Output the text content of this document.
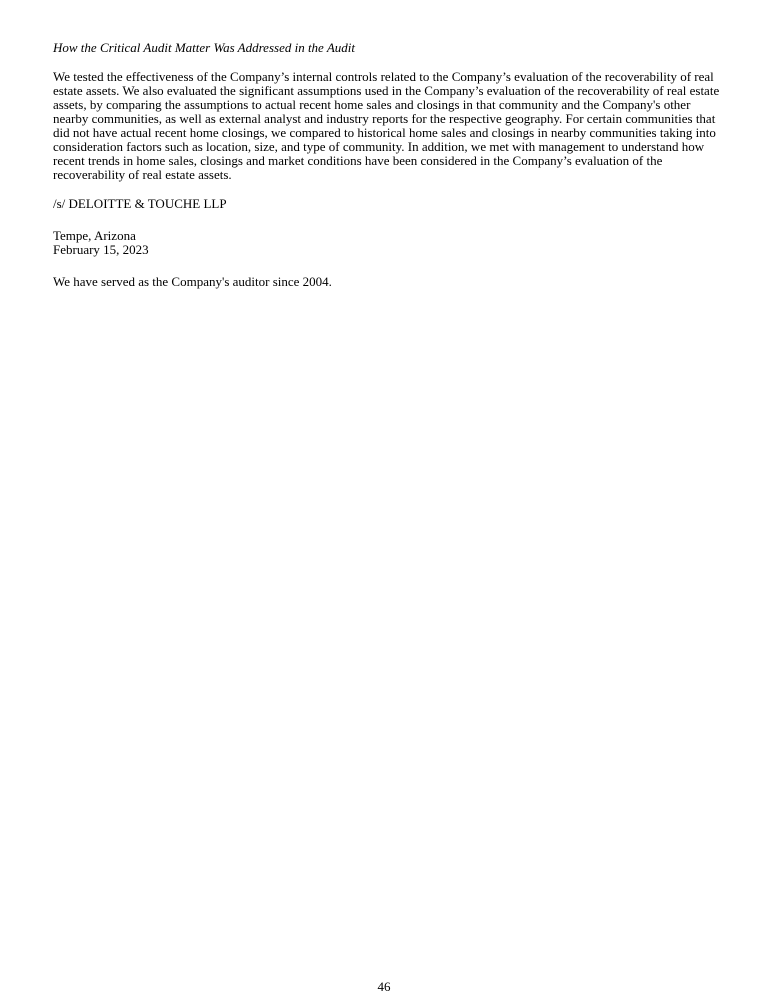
How the Critical Audit Matter Was Addressed in the Audit

We tested the effectiveness of the Company’s internal controls related to the Company’s evaluation of the recoverability of real estate assets. We also evaluated the significant assumptions used in the Company’s evaluation of the recoverability of real estate assets, by comparing the assumptions to actual recent home sales and closings in that community and the Company's other nearby communities, as well as external analyst and industry reports for the respective geography. For certain communities that did not have actual recent home closings, we compared to historical home sales and closings in nearby communities taking into consideration factors such as location, size, and type of community. In addition, we met with management to understand how recent trends in home sales, closings and market conditions have been considered in the Company’s evaluation of the recoverability of real estate assets.

/s/ DELOITTE & TOUCHE LLP

Tempe, Arizona
February 15, 2023

We have served as the Company's auditor since 2004.

46
